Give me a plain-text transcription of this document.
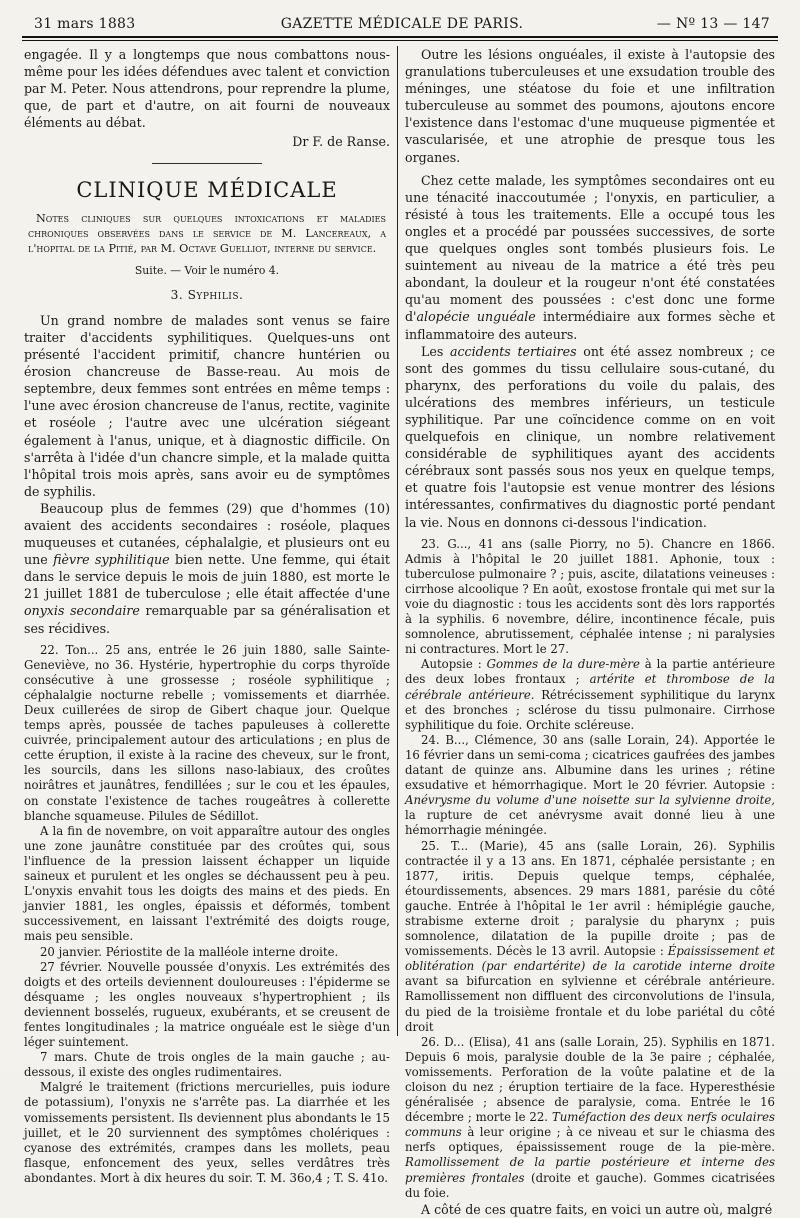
31 mars 1883	GAZETTE MÉDICALE DE PARIS.	— Nº 13 — 147

engagée. Il y a longtemps que nous combattons nous-même pour les idées défendues avec talent et conviction par M. Peter. Nous attendrons, pour reprendre la plume, que, de part et d'autre, on ait fourni de nouveaux éléments au débat.

Dr F. de Ranse.

CLINIQUE MÉDICALE

Notes cliniques sur quelques intoxications et maladies chroniques observées dans le service de M. Lancereaux, a l'hopital de la Pitié, par M. Octave Guelliot, interne du service.

Suite. — Voir le numéro 4.
3. Syphilis.

Un grand nombre de malades sont venus se faire traiter d'accidents syphilitiques. Quelques-uns ont présenté l'accident primitif, chancre huntérien ou érosion chancreuse de Basse-reau. Au mois de septembre, deux femmes sont entrées en même temps : l'une avec érosion chancreuse de l'anus, rectite, vaginite et roséole ; l'autre avec une ulcération siégeant également à l'anus, unique, et à diagnostic difficile. On s'arrêta à l'idée d'un chancre simple, et la malade quitta l'hôpital trois mois après, sans avoir eu de symptômes de syphilis.

Beaucoup plus de femmes (29) que d'hommes (10) avaient des accidents secondaires : roséole, plaques muqueuses et cutanées, céphalalgie, et plusieurs ont eu une fièvre syphilitique bien nette. Une femme, qui était dans le service depuis le mois de juin 1880, est morte le 21 juillet 1881 de tuberculose ; elle était affectée d'une onyxis secondaire remarquable par sa généralisation et ses récidives.

22. Ton... 25 ans, entrée le 26 juin 1880, salle Sainte-Geneviève, no 36. Hystérie, hypertrophie du corps thyroïde consécutive à une grossesse ; roséole syphilitique ; céphalalgie nocturne rebelle ; vomissements et diarrhée. Deux cuillerées de sirop de Gibert chaque jour. Quelque temps après, poussée de taches papuleuses à collerette cuivrée, principalement autour des articulations ; en plus de cette éruption, il existe à la racine des cheveux, sur le front, les sourcils, dans les sillons naso-labiaux, des croûtes noirâtres et jaunâtres, fendillées ; sur le cou et les épaules, on constate l'existence de taches rougeâtres à collerette blanche squameuse. Pilules de Sédillot.

A la fin de novembre, on voit apparaître autour des ongles une zone jaunâtre constituée par des croûtes qui, sous l'influence de la pression laissent échapper un liquide saineux et purulent et les ongles se déchaussent peu à peu. L'onyxis envahit tous les doigts des mains et des pieds. En janvier 1881, les ongles, épaissis et déformés, tombent successivement, en laissant l'extrémité des doigts rouge, mais peu sensible.

20 janvier. Périostite de la malléole interne droite.

27 février. Nouvelle poussée d'onyxis. Les extrémités des doigts et des orteils deviennent douloureuses : l'épiderme se désquame ; les ongles nouveaux s'hypertrophient ; ils deviennent bosselés, rugueux, exubérants, et se creusent de fentes longitudinales ; la matrice onguéale est le siège d'un léger suintement.

7 mars. Chute de trois ongles de la main gauche ; au-dessous, il existe des ongles rudimentaires.

Malgré le traitement (frictions mercurielles, puis iodure de potassium), l'onyxis ne s'arrête pas. La diarrhée et les vomissements persistent. Ils deviennent plus abondants le 15 juillet, et le 20 surviennent des symptômes cholériques : cyanose des extrémités, crampes dans les mollets, peau flasque, enfoncement des yeux, selles verdâtres très abondantes. Mort à dix heures du soir. T. M. 36o,4 ; T. S. 41o.

Outre les lésions onguéales, il existe à l'autopsie des granulations tuberculeuses et une exsudation trouble des méninges, une stéatose du foie et une infiltration tuberculeuse au sommet des poumons, ajoutons encore l'existence dans l'estomac d'une muqueuse pigmentée et vascularisée, et une atrophie de presque tous les organes.

Chez cette malade, les symptômes secondaires ont eu une ténacité inaccoutumée ; l'onyxis, en particulier, a résisté à tous les traitements. Elle a occupé tous les ongles et a procédé par poussées successives, de sorte que quelques ongles sont tombés plusieurs fois. Le suintement au niveau de la matrice a été très peu abondant, la douleur et la rougeur n'ont été constatées qu'au moment des poussées : c'est donc une forme d'alopécie unguéale intermédiaire aux formes sèche et inflammatoire des auteurs.

Les accidents tertiaires ont été assez nombreux ; ce sont des gommes du tissu cellulaire sous-cutané, du pharynx, des perforations du voile du palais, des ulcérations des membres inférieurs, un testicule syphilitique. Par une coïncidence comme on en voit quelquefois en clinique, un nombre relativement considérable de syphilitiques ayant des accidents cérébraux sont passés sous nos yeux en quelque temps, et quatre fois l'autopsie est venue montrer des lésions intéressantes, confirmatives du diagnostic porté pendant la vie. Nous en donnons ci-dessous l'indication.

23. G..., 41 ans (salle Piorry, no 5). Chancre en 1866. Admis à l'hôpital le 20 juillet 1881. Aphonie, toux : tuberculose pulmonaire ? ; puis, ascite, dilatations veineuses : cirrhose alcoolique ? En août, exostose frontale qui met sur la voie du diagnostic : tous les accidents sont dès lors rapportés à la syphilis. 6 novembre, délire, incontinence fécale, puis somnolence, abrutissement, céphalée intense ; ni paralysies ni contractures. Mort le 27.

Autopsie : Gommes de la dure-mère à la partie antérieure des deux lobes frontaux ; artérite et thrombose de la cérébrale antérieure. Rétrécissement syphilitique du larynx et des bronches ; sclérose du tissu pulmonaire. Cirrhose syphilitique du foie. Orchite scléreuse.

24. B..., Clémence, 30 ans (salle Lorain, 24). Apportée le 16 février dans un semi-coma ; cicatrices gaufrées des jambes datant de quinze ans. Albumine dans les urines ; rétine exsudative et hémorrhagique. Mort le 20 février. Autopsie : Anévrysme du volume d'une noisette sur la sylvienne droite, la rupture de cet anévrysme avait donné lieu à une hémorrhagie méningée.

25. T... (Marie), 45 ans (salle Lorain, 26). Syphilis contractée il y a 13 ans. En 1871, céphalée persistante ; en 1877, iritis. Depuis quelque temps, céphalée, étourdissements, absences. 29 mars 1881, parésie du côté gauche. Entrée à l'hôpital le 1er avril : hémiplégie gauche, strabisme externe droit ; paralysie du pharynx ; puis somnolence, dilatation de la pupille droite ; pas de vomissements. Décès le 13 avril. Autopsie : Épaississement et oblitération (par endartérite) de la carotide interne droite avant sa bifurcation en sylvienne et cérébrale antérieure. Ramollissement non diffluent des circonvolutions de l'insula, du pied de la troisième frontale et du lobe pariétal du côté droit

26. D... (Elisa), 41 ans (salle Lorain, 25). Syphilis en 1871. Depuis 6 mois, paralysie double de la 3e paire ; céphalée, vomissements. Perforation de la voûte palatine et de la cloison du nez ; éruption tertiaire de la face. Hyperesthésie généralisée ; absence de paralysie, coma. Entrée le 16 décembre ; morte le 22. Tuméfaction des deux nerfs oculaires communs à leur origine ; à ce niveau et sur le chiasma des nerfs optiques, épaississement rouge de la pie-mère. Ramollissement de la partie postérieure et interne des premières frontales (droite et gauche). Gommes cicatrisées du foie.

A côté de ces quatre faits, en voici un autre où, malgré
